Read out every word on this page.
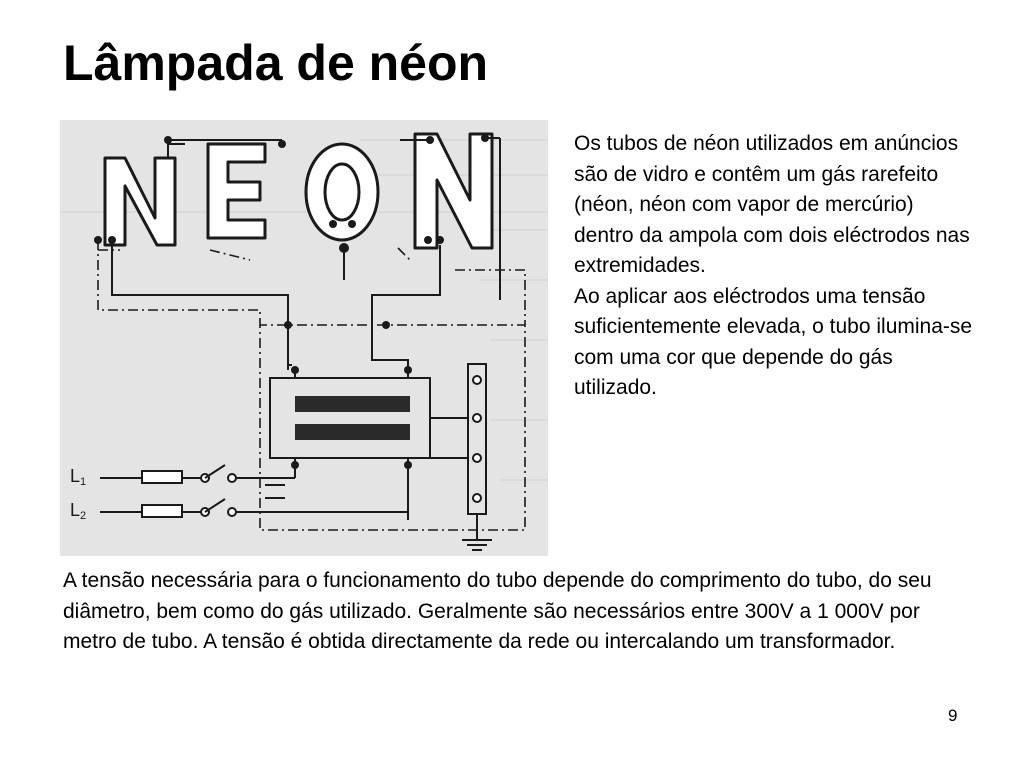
Lâmpada de néon
L1
L2

Os tubos de néon utilizados em anúncios são de vidro e contêm um gás rarefeito (néon, néon com vapor de mercúrio) dentro da ampola com dois eléctrodos nas extremidades.

Ao aplicar aos eléctrodos uma tensão suficientemente elevada, o tubo ilumina-se com uma cor que depende do gás utilizado.

A tensão necessária para o funcionamento do tubo depende do comprimento do tubo, do seu diâmetro, bem como do gás utilizado. Geralmente são necessários entre 300V a 1 000V por metro de tubo. A tensão é obtida directamente da rede ou intercalando um transformador.

9
